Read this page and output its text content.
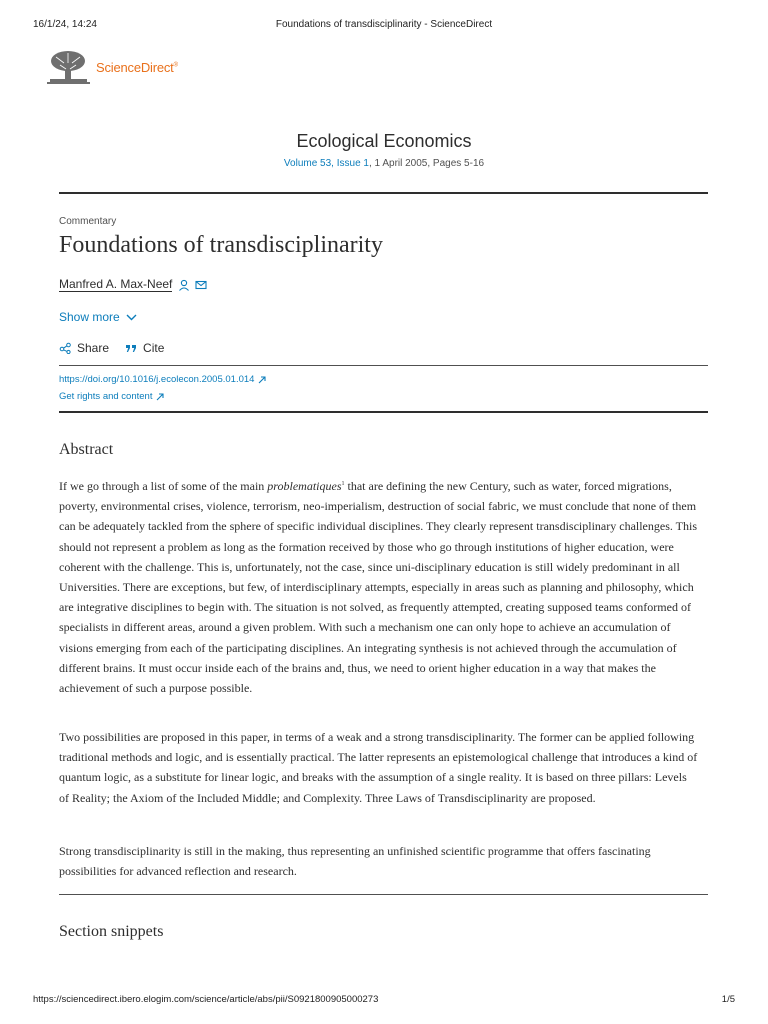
16/1/24, 14:24	Foundations of transdisciplinarity - ScienceDirect
ScienceDirect®
Ecological Economics
Volume 53, Issue 1, 1 April 2005, Pages 5-16
Commentary
Foundations of transdisciplinarity
Manfred A. Max-Neef
Show more
Share	Cite
https://doi.org/10.1016/j.ecolecon.2005.01.014
Get rights and content
Abstract

If we go through a list of some of the main problematiques$^1$ that are defining the new Century, such as water, forced migrations, poverty, environmental crises, violence, terrorism, neo-imperialism, destruction of social fabric, we must conclude that none of them can be adequately tackled from the sphere of specific individual disciplines. They clearly represent transdisciplinary challenges. This should not represent a problem as long as the formation received by those who go through institutions of higher education, were coherent with the challenge. This is, unfortunately, not the case, since uni-disciplinary education is still widely predominant in all Universities. There are exceptions, but few, of interdisciplinary attempts, especially in areas such as planning and philosophy, which are integrative disciplines to begin with. The situation is not solved, as frequently attempted, creating supposed teams conformed of specialists in different areas, around a given problem. With such a mechanism one can only hope to achieve an accumulation of visions emerging from each of the participating disciplines. An integrating synthesis is not achieved through the accumulation of different brains. It must occur inside each of the brains and, thus, we need to orient higher education in a way that makes the achievement of such a purpose possible.

Two possibilities are proposed in this paper, in terms of a weak and a strong transdisciplinarity. The former can be applied following traditional methods and logic, and is essentially practical. The latter represents an epistemological challenge that introduces a kind of quantum logic, as a substitute for linear logic, and breaks with the assumption of a single reality. It is based on three pillars: Levels of Reality; the Axiom of the Included Middle; and Complexity. Three Laws of Transdisciplinarity are proposed.

Strong transdisciplinarity is still in the making, thus representing an unfinished scientific programme that offers fascinating possibilities for advanced reflection and research.

Section snippets
https://sciencedirect.ibero.elogim.com/science/article/abs/pii/S0921800905000273	1/5
